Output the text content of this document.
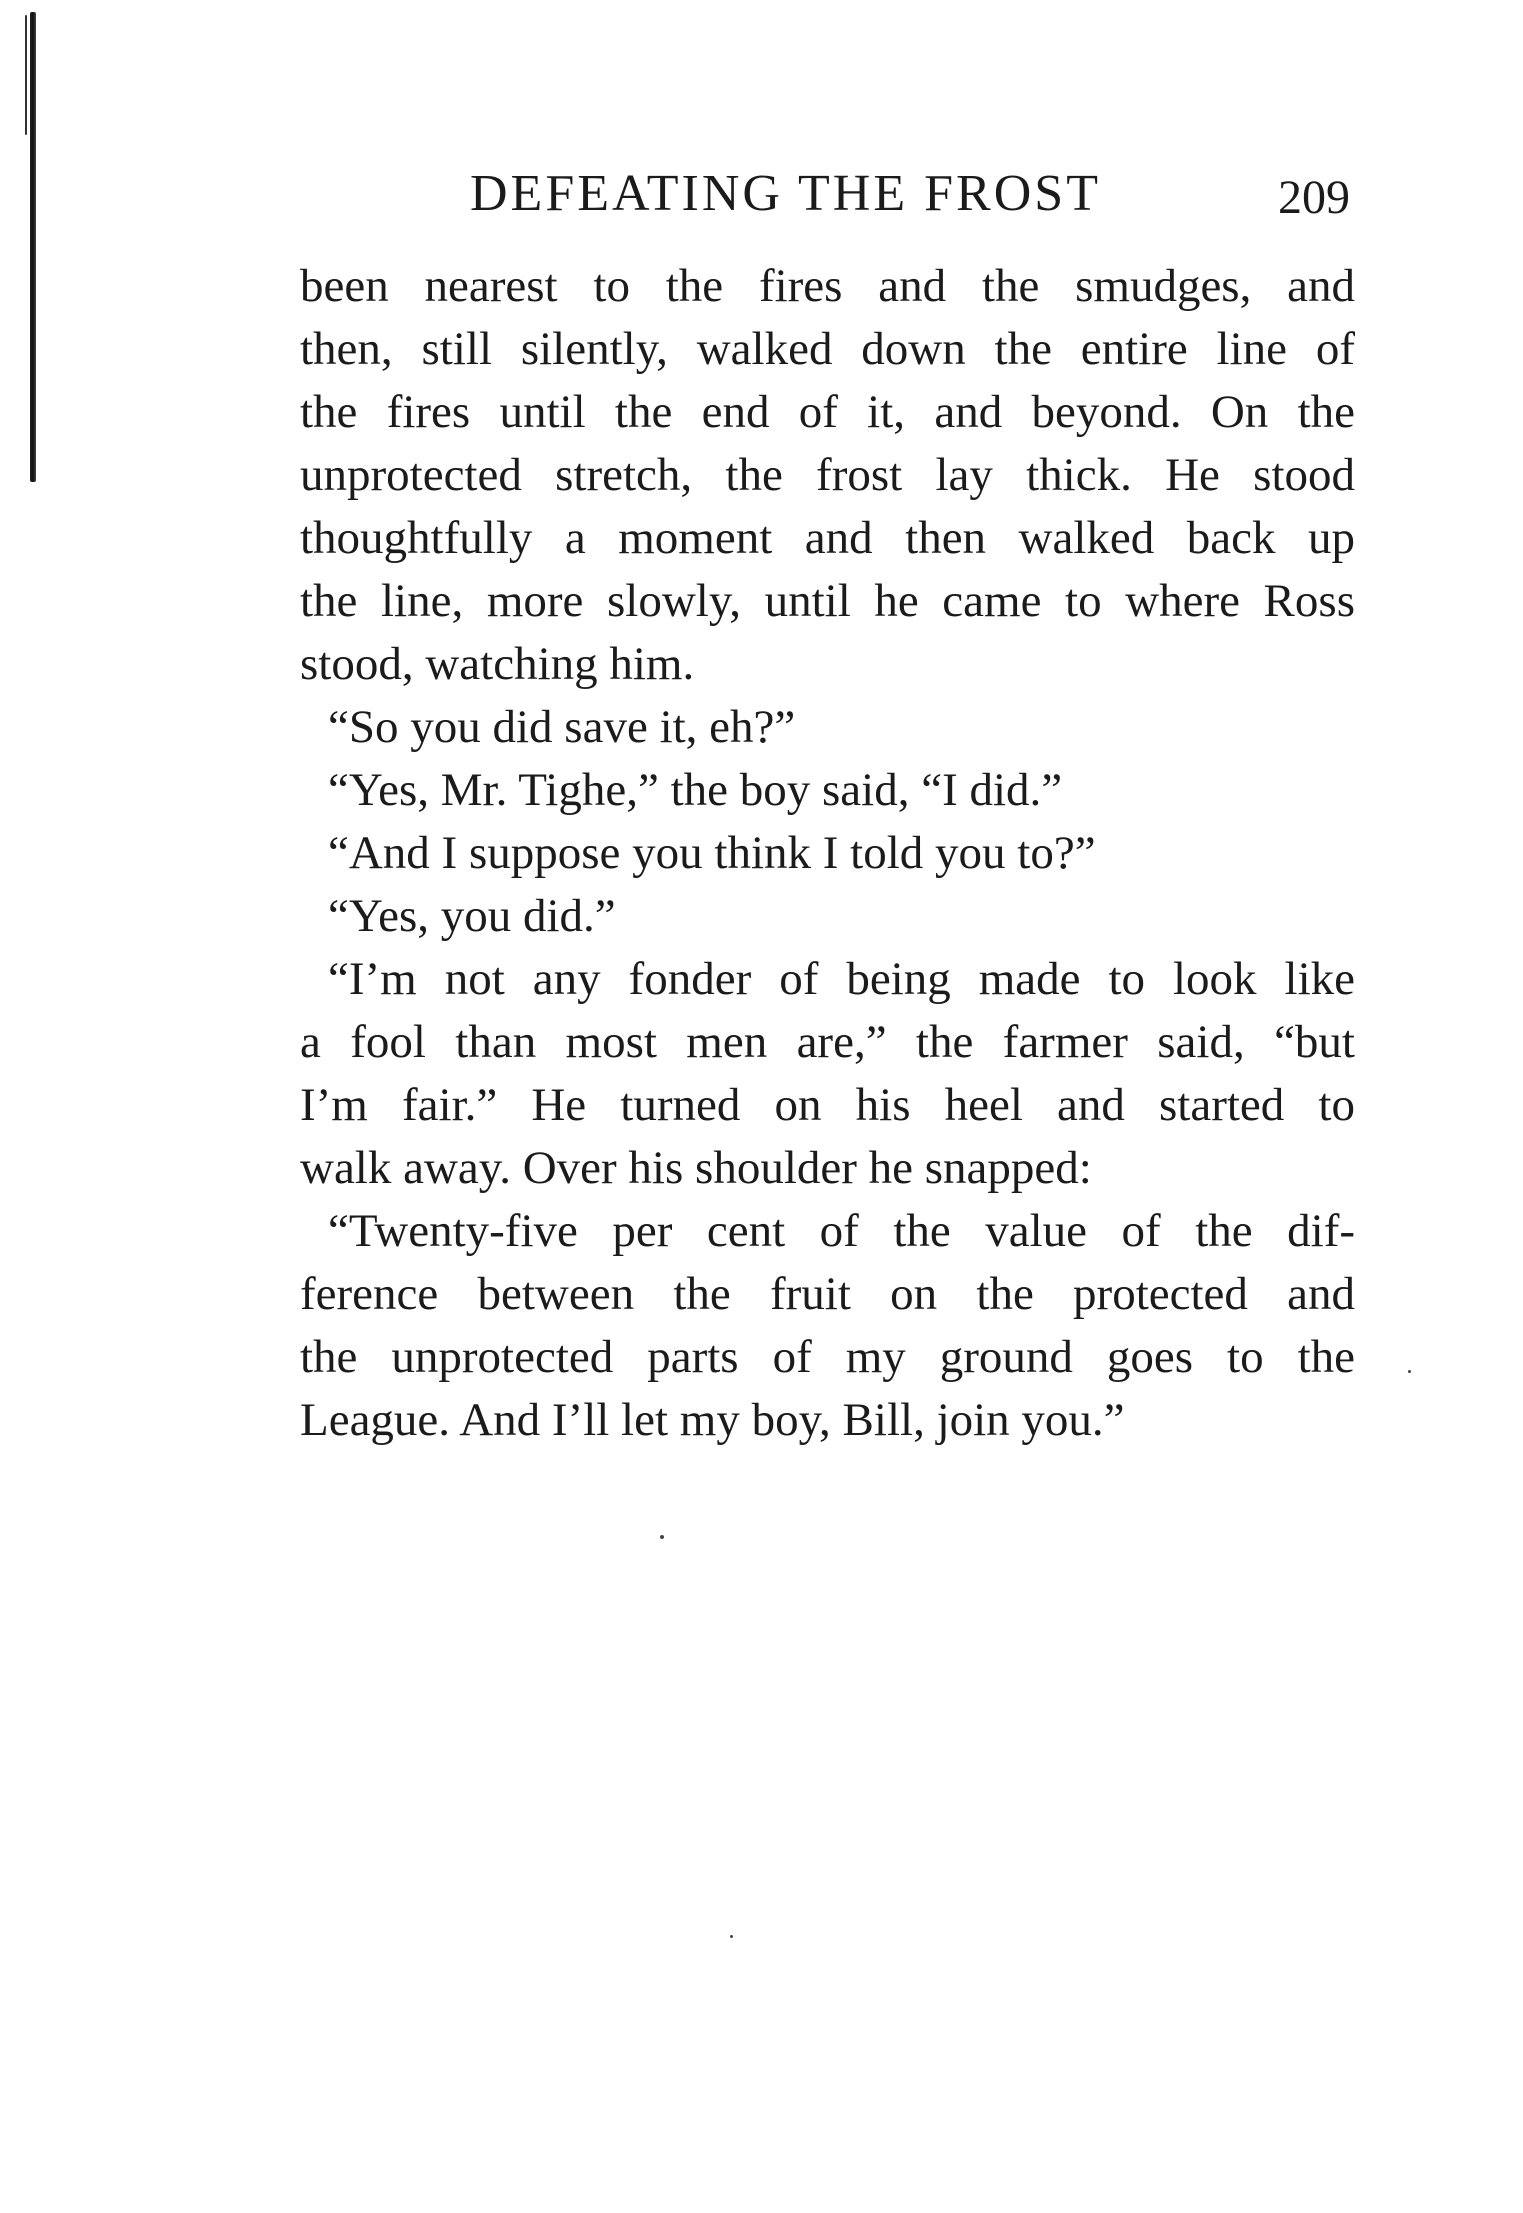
DEFEATING THE FROST	209
been nearest to the fires and the smudges, and
then, still silently, walked down the entire line of
the fires until the end of it, and beyond. On the
unprotected stretch, the frost lay thick. He stood
thoughtfully a moment and then walked back up
the line, more slowly, until he came to where Ross
stood, watching him.
“So you did save it, eh?”
“Yes, Mr. Tighe,” the boy said, “I did.”
“And I suppose you think I told you to?”
“Yes, you did.”
“I’m not any fonder of being made to look like
a fool than most men are,” the farmer said, “but
I’m fair.” He turned on his heel and started to
walk away. Over his shoulder he snapped:
“Twenty-five per cent of the value of the dif-
ference between the fruit on the protected and
the unprotected parts of my ground goes to the
League. And I’ll let my boy, Bill, join you.”
